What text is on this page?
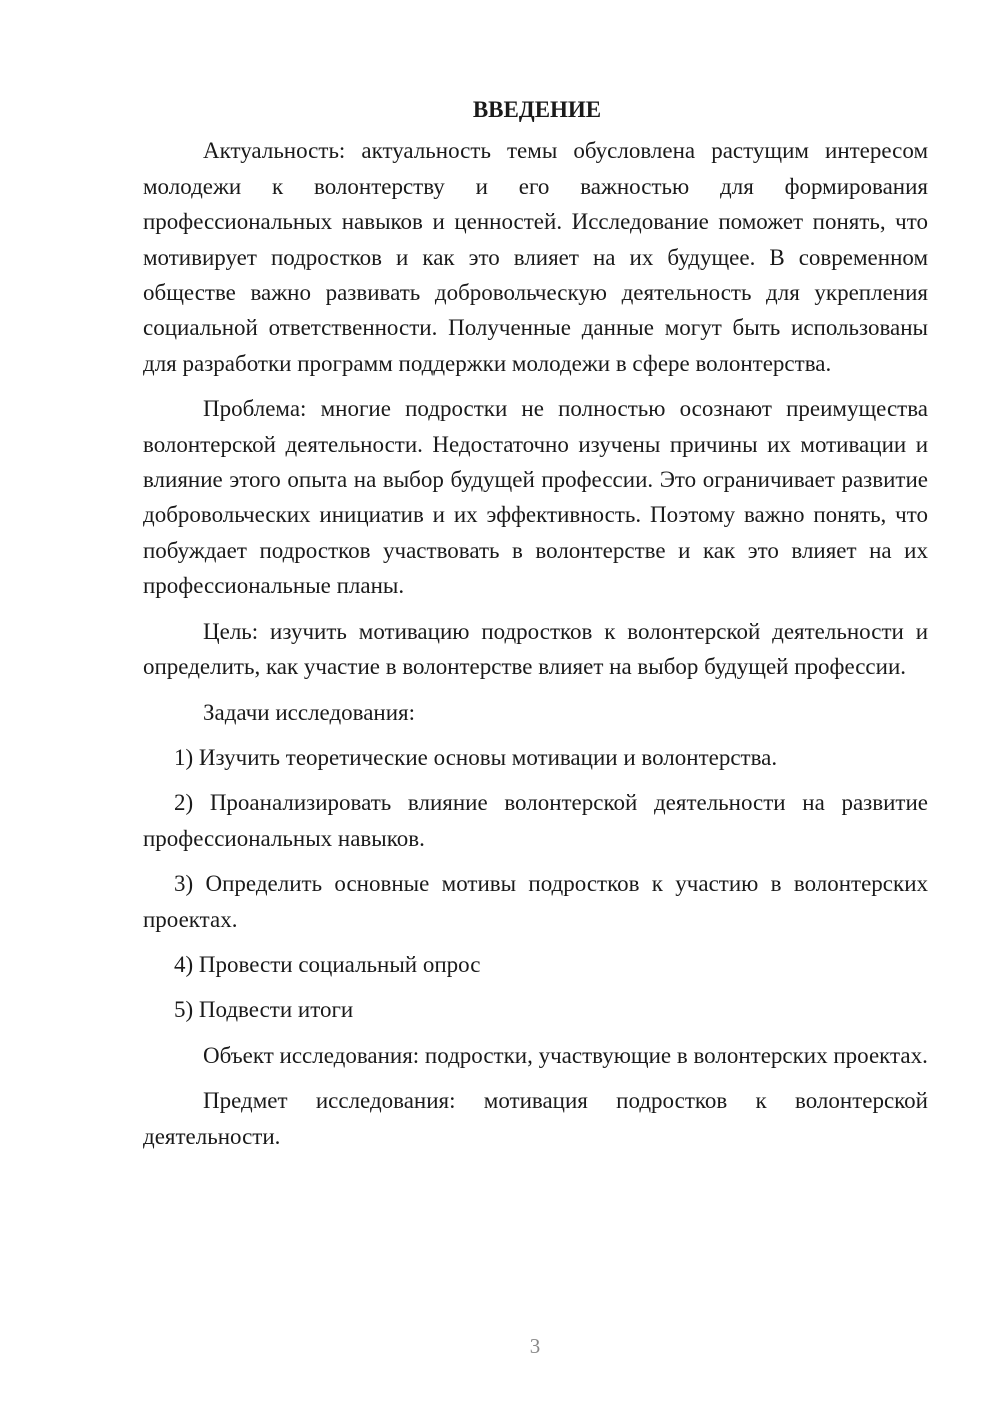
ВВЕДЕНИЕ

Актуальность: актуальность темы обусловлена растущим интересом молодежи к волонтерству и его важностью для формирования профессиональных навыков и ценностей. Исследование поможет понять, что мотивирует подростков и как это влияет на их будущее. В современном обществе важно развивать добровольческую деятельность для укрепления социальной ответственности. Полученные данные могут быть использованы для разработки программ поддержки молодежи в сфере волонтерства.

Проблема: многие подростки не полностью осознают преимущества волонтерской деятельности. Недостаточно изучены причины их мотивации и влияние этого опыта на выбор будущей профессии. Это ограничивает развитие добровольческих инициатив и их эффективность. Поэтому важно понять, что побуждает подростков участвовать в волонтерстве и как это влияет на их профессиональные планы.

Цель: изучить мотивацию подростков к волонтерской деятельности и определить, как участие в волонтерстве влияет на выбор будущей профессии.

Задачи исследования:

1) Изучить теоретические основы мотивации и волонтерства.

2) Проанализировать влияние волонтерской деятельности на развитие профессиональных навыков.

3) Определить основные мотивы подростков к участию в волонтерских проектах.

4) Провести социальный опрос

5) Подвести итоги

Объект исследования: подростки, участвующие в волонтерских проектах.

Предмет исследования: мотивация подростков к волонтерской деятельности.

3
